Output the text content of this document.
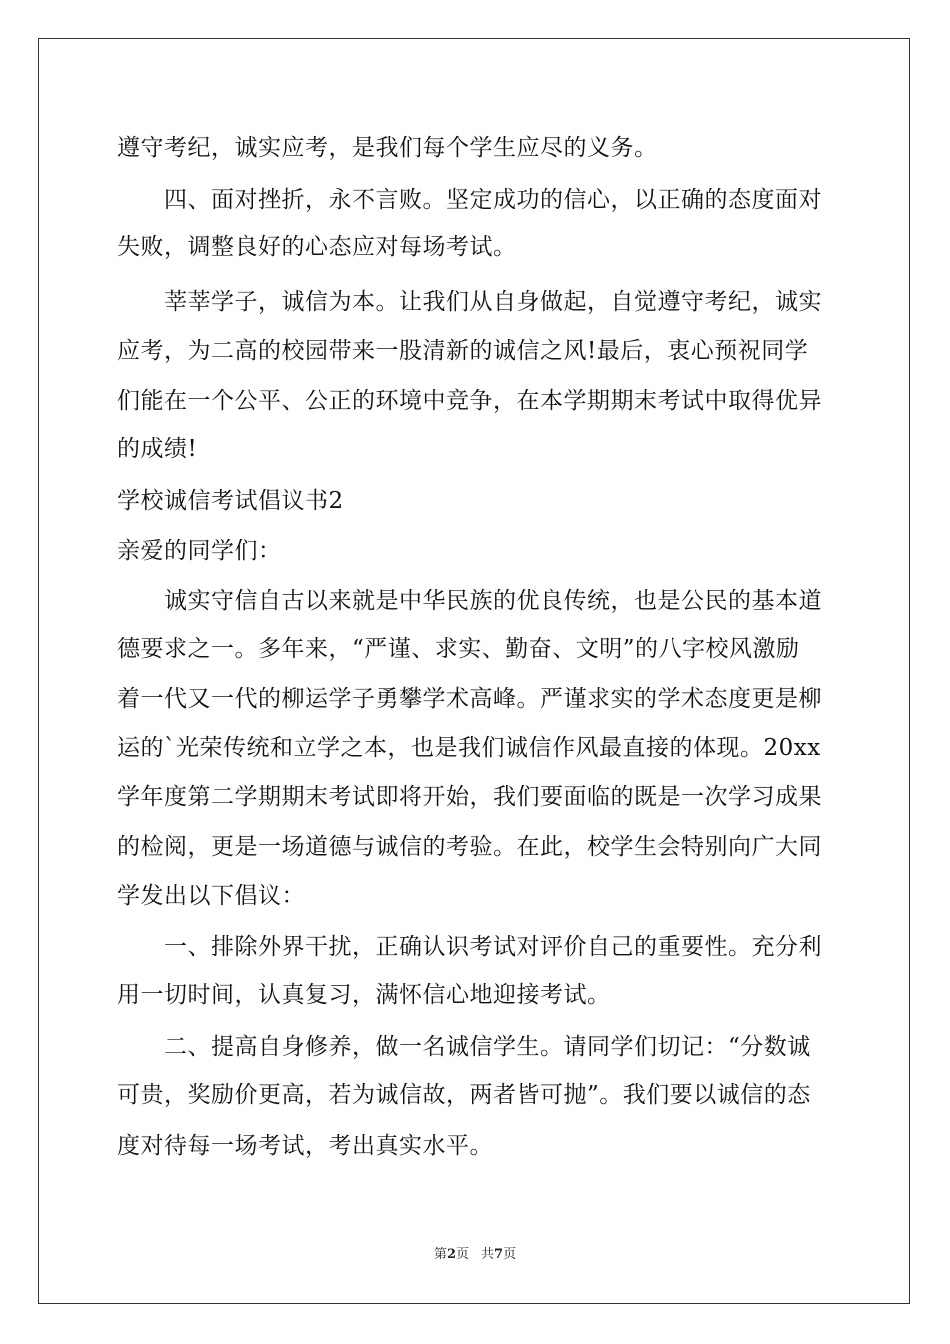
遵守考纪，诚实应考，是我们每个学生应尽的义务。
　　四、面对挫折，永不言败。坚定成功的信心，以正确的态度面对
失败，调整良好的心态应对每场考试。
　　莘莘学子，诚信为本。让我们从自身做起，自觉遵守考纪，诚实
应考，为二高的校园带来一股清新的诚信之风!最后，衷心预祝同学
们能在一个公平、公正的环境中竞争，在本学期期末考试中取得优异
的成绩!
学校诚信考试倡议书2
亲爱的同学们：
　　诚实守信自古以来就是中华民族的优良传统，也是公民的基本道
德要求之一。多年来，“严谨、求实、勤奋、文明”的八字校风激励
着一代又一代的柳运学子勇攀学术高峰。严谨求实的学术态度更是柳
运的`光荣传统和立学之本，也是我们诚信作风最直接的体现。20xx
学年度第二学期期末考试即将开始，我们要面临的既是一次学习成果
的检阅，更是一场道德与诚信的考验。在此，校学生会特别向广大同
学发出以下倡议：
　　一、排除外界干扰，正确认识考试对评价自己的重要性。充分利
用一切时间，认真复习，满怀信心地迎接考试。
　　二、提高自身修养，做一名诚信学生。请同学们切记：“分数诚
可贵，奖励价更高，若为诚信故，两者皆可抛”。我们要以诚信的态
度对待每一场考试，考出真实水平。
第2页 共7页
